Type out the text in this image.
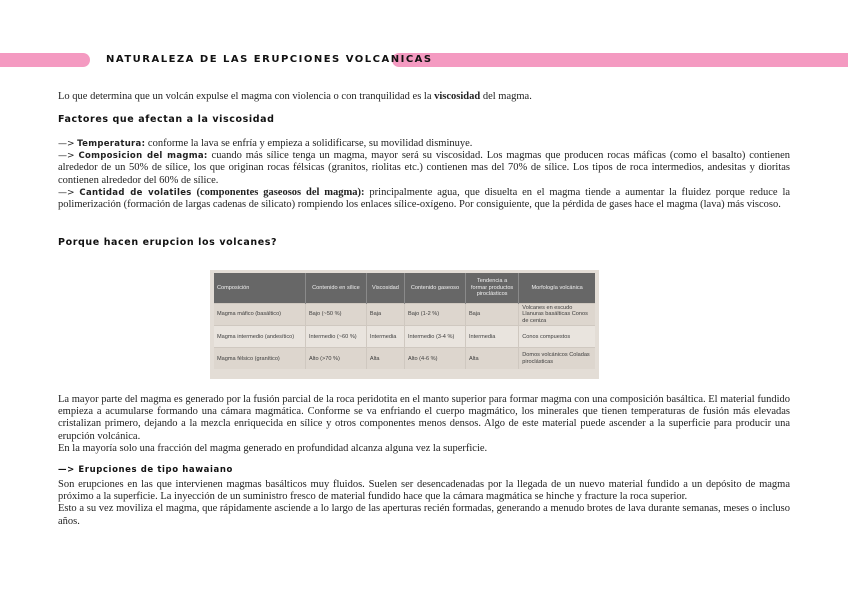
NATURALEZA DE LAS ERUPCIONES VOLCANICAS
Lo que determina que un volcán expulse el magma con violencia o con tranquilidad es la viscosidad del magma.
Factores que afectan a la viscosidad
—> Temperatura: conforme la lava se enfría y empieza a solidificarse, su movilidad disminuye.
—> Composicion del magma: cuando más sílice tenga un magma, mayor será su viscosidad. Los magmas que producen rocas máficas (como el basalto) contienen alrededor de un 50% de sílice, los que originan rocas félsicas (granitos, riolitas etc.) contienen mas del 70% de sílice. Los tipos de roca intermedios, andesitas y dioritas contienen alrededor del 60% de sílice.
—> Cantidad de volatiles (componentes gaseosos del magma): principalmente agua, que disuelta en el magma tiende a aumentar la fluidez porque reduce la polimerización (formación de largas cadenas de silicato) rompiendo los enlaces sílice-oxígeno. Por consiguiente, que la pérdida de gases hace el magma (lava) más viscoso.
Porque hacen erupcion los volcanes?
Composición	Contenido en sílice	Viscosidad	Contenido gaseoso	Tendencia a formar productos piroclásticos	Morfología volcánica
Magma máfico (basáltico)	Bajo (~50 %)	Baja	Bajo (1-2 %)	Baja	Volcanes en escudo Llanuras basálticas Conos de ceniza
Magma intermedio (andesítico)	Intermedio (~60 %)	Intermedia	Intermedio (3-4 %)	Intermedia	Conos compuestos
Magma félsico (granítico)	Alto (>70 %)	Alta	Alto (4-6 %)	Alta	Domos volcánicos Coladas piroclásticas
La mayor parte del magma es generado por la fusión parcial de la roca peridotita en el manto superior para formar magma con una composición basáltica. El material fundido empieza a acumularse formando una cámara magmática. Conforme se va enfriando el cuerpo magmático, los minerales que tienen temperaturas de fusión más elevadas cristalizan primero, dejando a la mezcla enriquecida en sílice y otros componentes menos densos. Algo de este material puede ascender a la superficie para producir una erupción volcánica.
En la mayoría solo una fracción del magma generado en profundidad alcanza alguna vez la superficie.
—> Erupciones de tipo hawaiano
Son erupciones en las que intervienen magmas basálticos muy fluidos. Suelen ser desencadenadas por la llegada de un nuevo material fundido a un depósito de magma próximo a la superficie. La inyección de un suministro fresco de material fundido hace que la cámara magmática se hinche y fracture la roca superior.
Esto a su vez moviliza el magma, que rápidamente asciende a lo largo de las aperturas recién formadas, generando a menudo brotes de lava durante semanas, meses o incluso años.
